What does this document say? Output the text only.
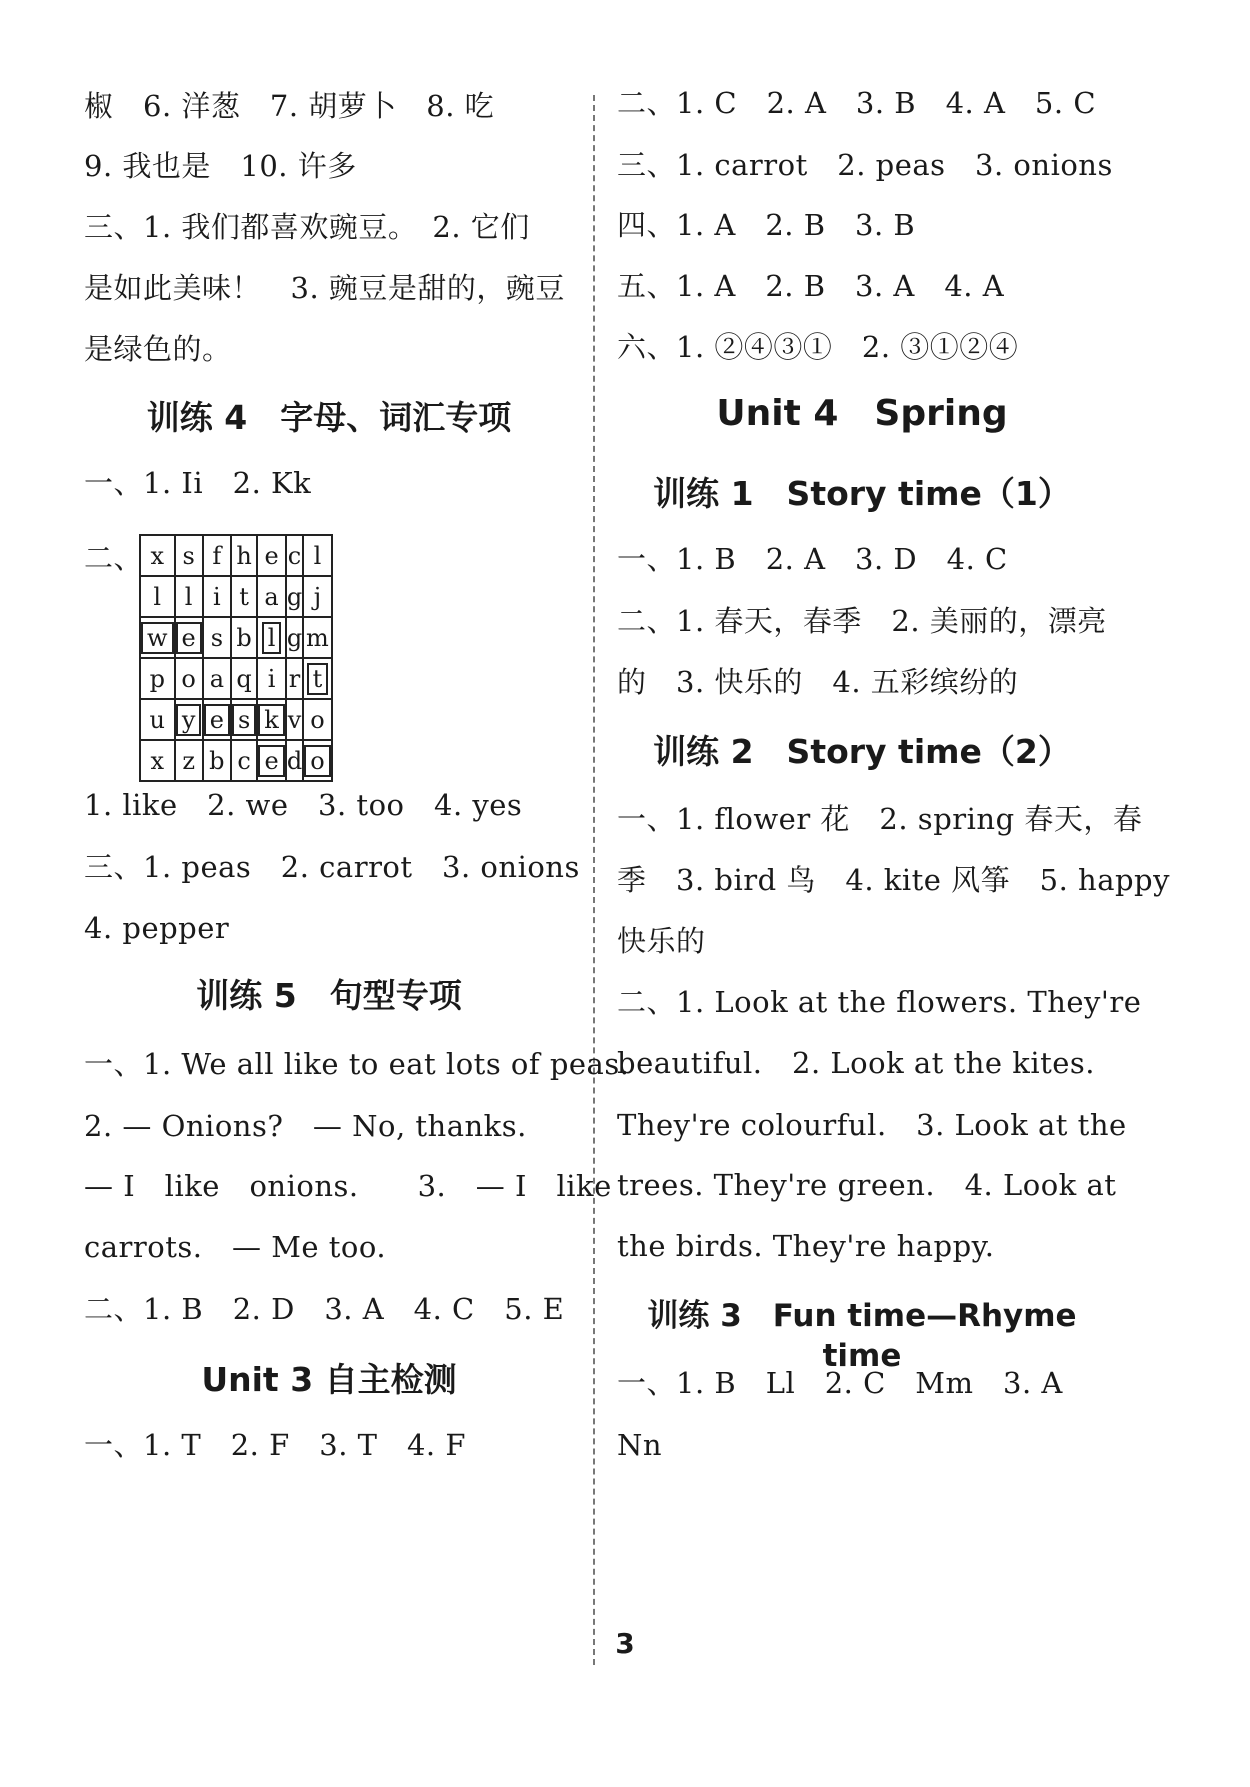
椒　6. 洋葱　7. 胡萝卜　8. 吃
9. 我也是　10. 许多
三、1. 我们都喜欢豌豆。　2. 它们
是如此美味！　3. 豌豆是甜的，豌豆
是绿色的。
训练 4　字母、词汇专项
一、1. Ii　2. Kk
二、 x	s	f	h	e	c	l
l	l	i	t	a	g	j
w	e	s	b	l	g	m
p	o	a	q	i	r	t
u	y	e	s	k	v	o
x	z	b	c	e	d	o
1. like　2. we　3. too　4. yes
三、1. peas　2. carrot　3. onions
4. pepper
训练 5　句型专项
一、1. We all like to eat lots of peas.
2. — Onions?　— No, thanks.
— I　like　onions.　　3.　— I　like
carrots.　— Me too.
二、1. B　2. D　3. A　4. C　5. E
Unit 3 自主检测
一、1. T　2. F　3. T　4. F
二、1. C　2. A　3. B　4. A　5. C
三、1. carrot　2. peas　3. onions
四、1. A　2. B　3. B
五、1. A　2. B　3. A　4. A
六、1. ②④③①　2. ③①②④
Unit 4　Spring
训练 1　Story time（1）
一、1. B　2. A　3. D　4. C
二、1. 春天，春季　2. 美丽的，漂亮
的　3. 快乐的　4. 五彩缤纷的
训练 2　Story time（2）
一、1. flower 花　2. spring 春天，春
季　3. bird 鸟　4. kite 风筝　5. happy
快乐的
二、1. Look at the flowers. They're
beautiful.　2. Look at the kites.
They're colourful.　3. Look at the
trees. They're green.　4. Look at
the birds. They're happy.
训练 3　Fun time—Rhyme time
一、1. B　Ll　2. C　Mm　3. A
Nn
3
